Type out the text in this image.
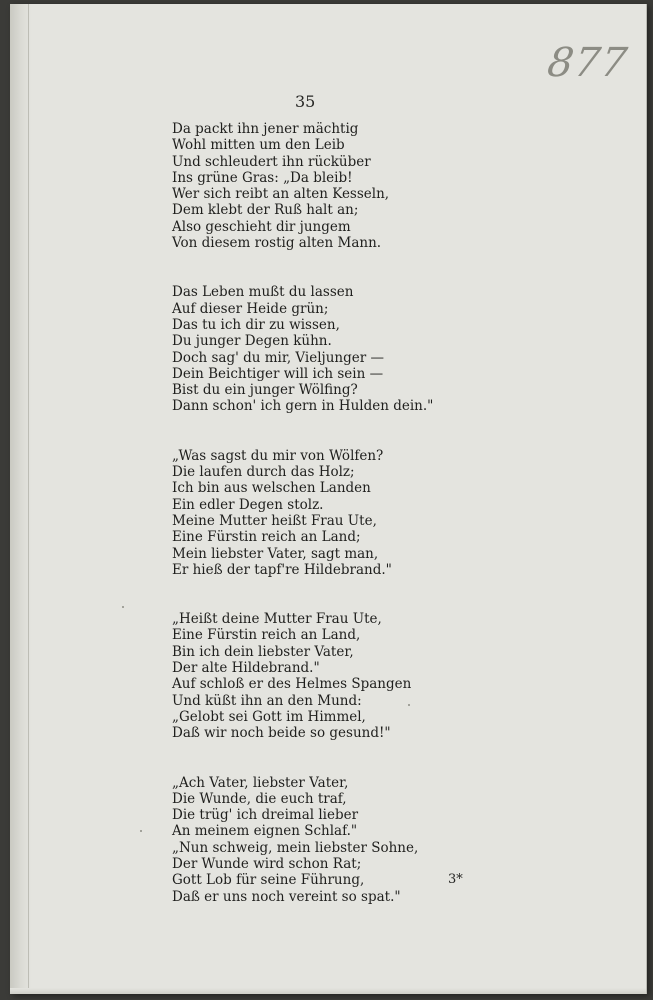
877
35
Da packt ihn jener mächtig
Wohl mitten um den Leib
Und schleudert ihn rücküber
Ins grüne Gras: „Da bleib!
Wer sich reibt an alten Kesseln,
Dem klebt der Ruß halt an;
Also geschieht dir jungem
Von diesem rostig alten Mann.
Das Leben mußt du lassen
Auf dieser Heide grün;
Das tu ich dir zu wissen,
Du junger Degen kühn.
Doch sag' du mir, Vieljunger —
Dein Beichtiger will ich sein —
Bist du ein junger Wölfing?
Dann schon' ich gern in Hulden dein."
„Was sagst du mir von Wölfen?
Die laufen durch das Holz;
Ich bin aus welschen Landen
Ein edler Degen stolz.
Meine Mutter heißt Frau Ute,
Eine Fürstin reich an Land;
Mein liebster Vater, sagt man,
Er hieß der tapf're Hildebrand."
„Heißt deine Mutter Frau Ute,
Eine Fürstin reich an Land,
Bin ich dein liebster Vater,
Der alte Hildebrand."
Auf schloß er des Helmes Spangen
Und küßt ihn an den Mund:
„Gelobt sei Gott im Himmel,
Daß wir noch beide so gesund!"
„Ach Vater, liebster Vater,
Die Wunde, die euch traf,
Die trüg' ich dreimal lieber
An meinem eignen Schlaf."
„Nun schweig, mein liebster Sohne,
Der Wunde wird schon Rat;
Gott Lob für seine Führung,
Daß er uns noch vereint so spat."
3*
